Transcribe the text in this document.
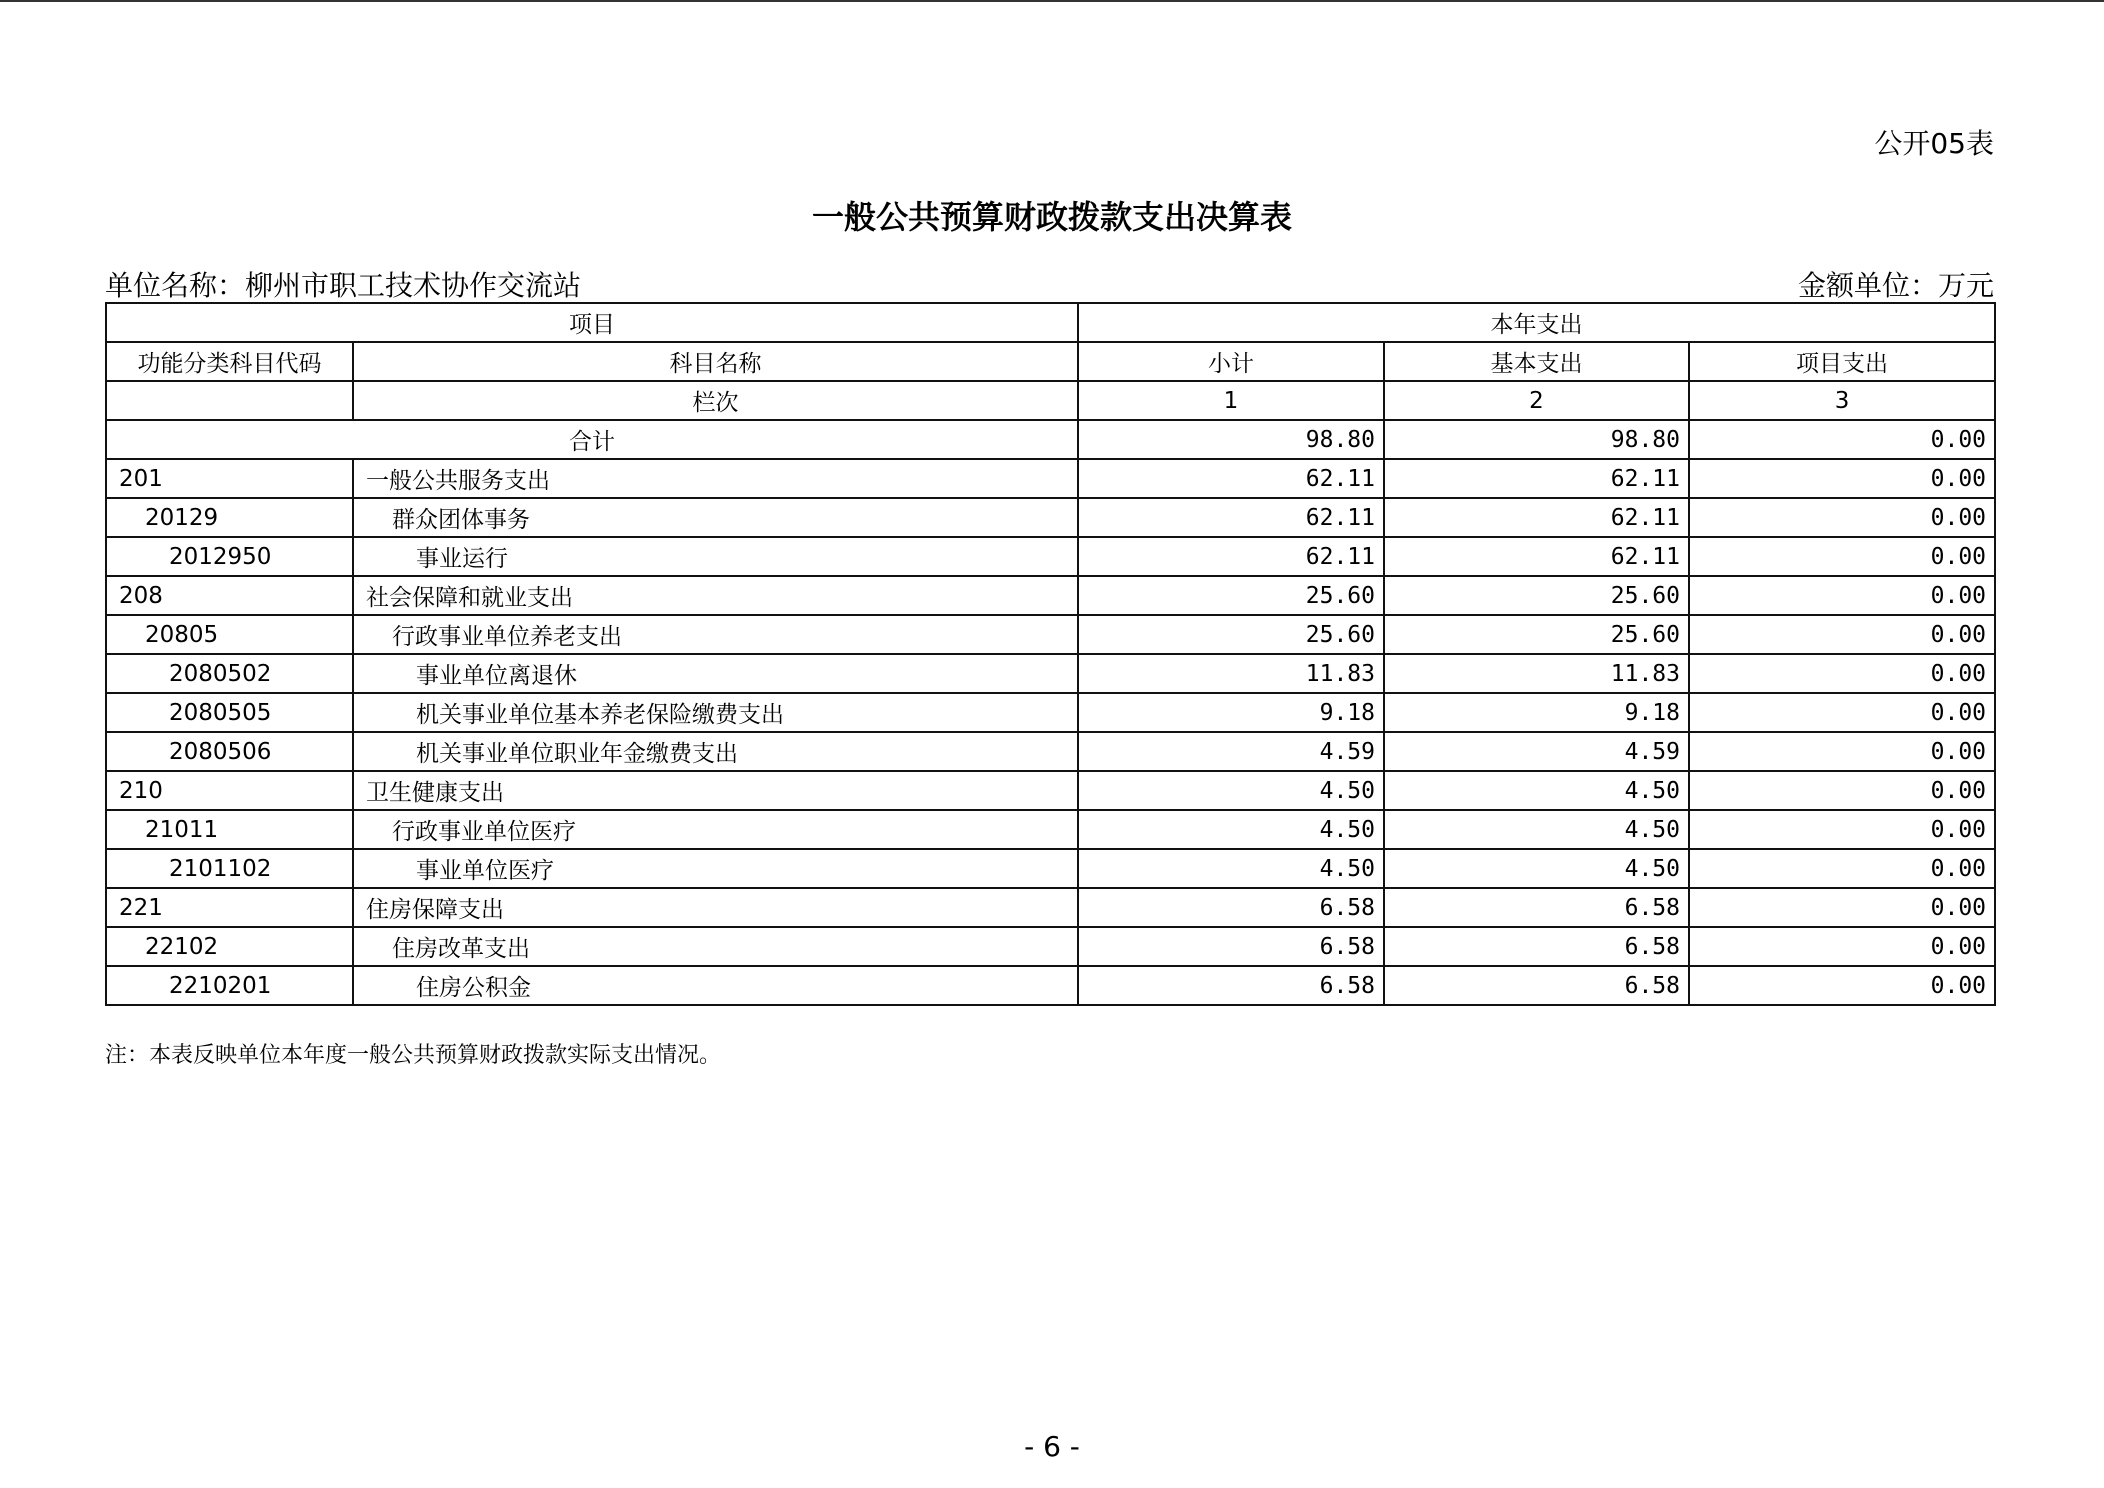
公开05表
一般公共预算财政拨款支出决算表
单位名称：柳州市职工技术协作交流站	金额单位：万元
项目		本年支出		
功能分类科目代码	科目名称	小计	基本支出	项目支出
	栏次	1	2	3
合计		98.80	98.80	0.00
201	一般公共服务支出	62.11	62.11	0.00
20129	群众团体事务	62.11	62.11	0.00
2012950	事业运行	62.11	62.11	0.00
208	社会保障和就业支出	25.60	25.60	0.00
20805	行政事业单位养老支出	25.60	25.60	0.00
2080502	事业单位离退休	11.83	11.83	0.00
2080505	机关事业单位基本养老保险缴费支出	9.18	9.18	0.00
2080506	机关事业单位职业年金缴费支出	4.59	4.59	0.00
210	卫生健康支出	4.50	4.50	0.00
21011	行政事业单位医疗	4.50	4.50	0.00
2101102	事业单位医疗	4.50	4.50	0.00
221	住房保障支出	6.58	6.58	0.00
22102	住房改革支出	6.58	6.58	0.00
2210201	住房公积金	6.58	6.58	0.00
注：本表反映单位本年度一般公共预算财政拨款实际支出情况。
- 6 -
